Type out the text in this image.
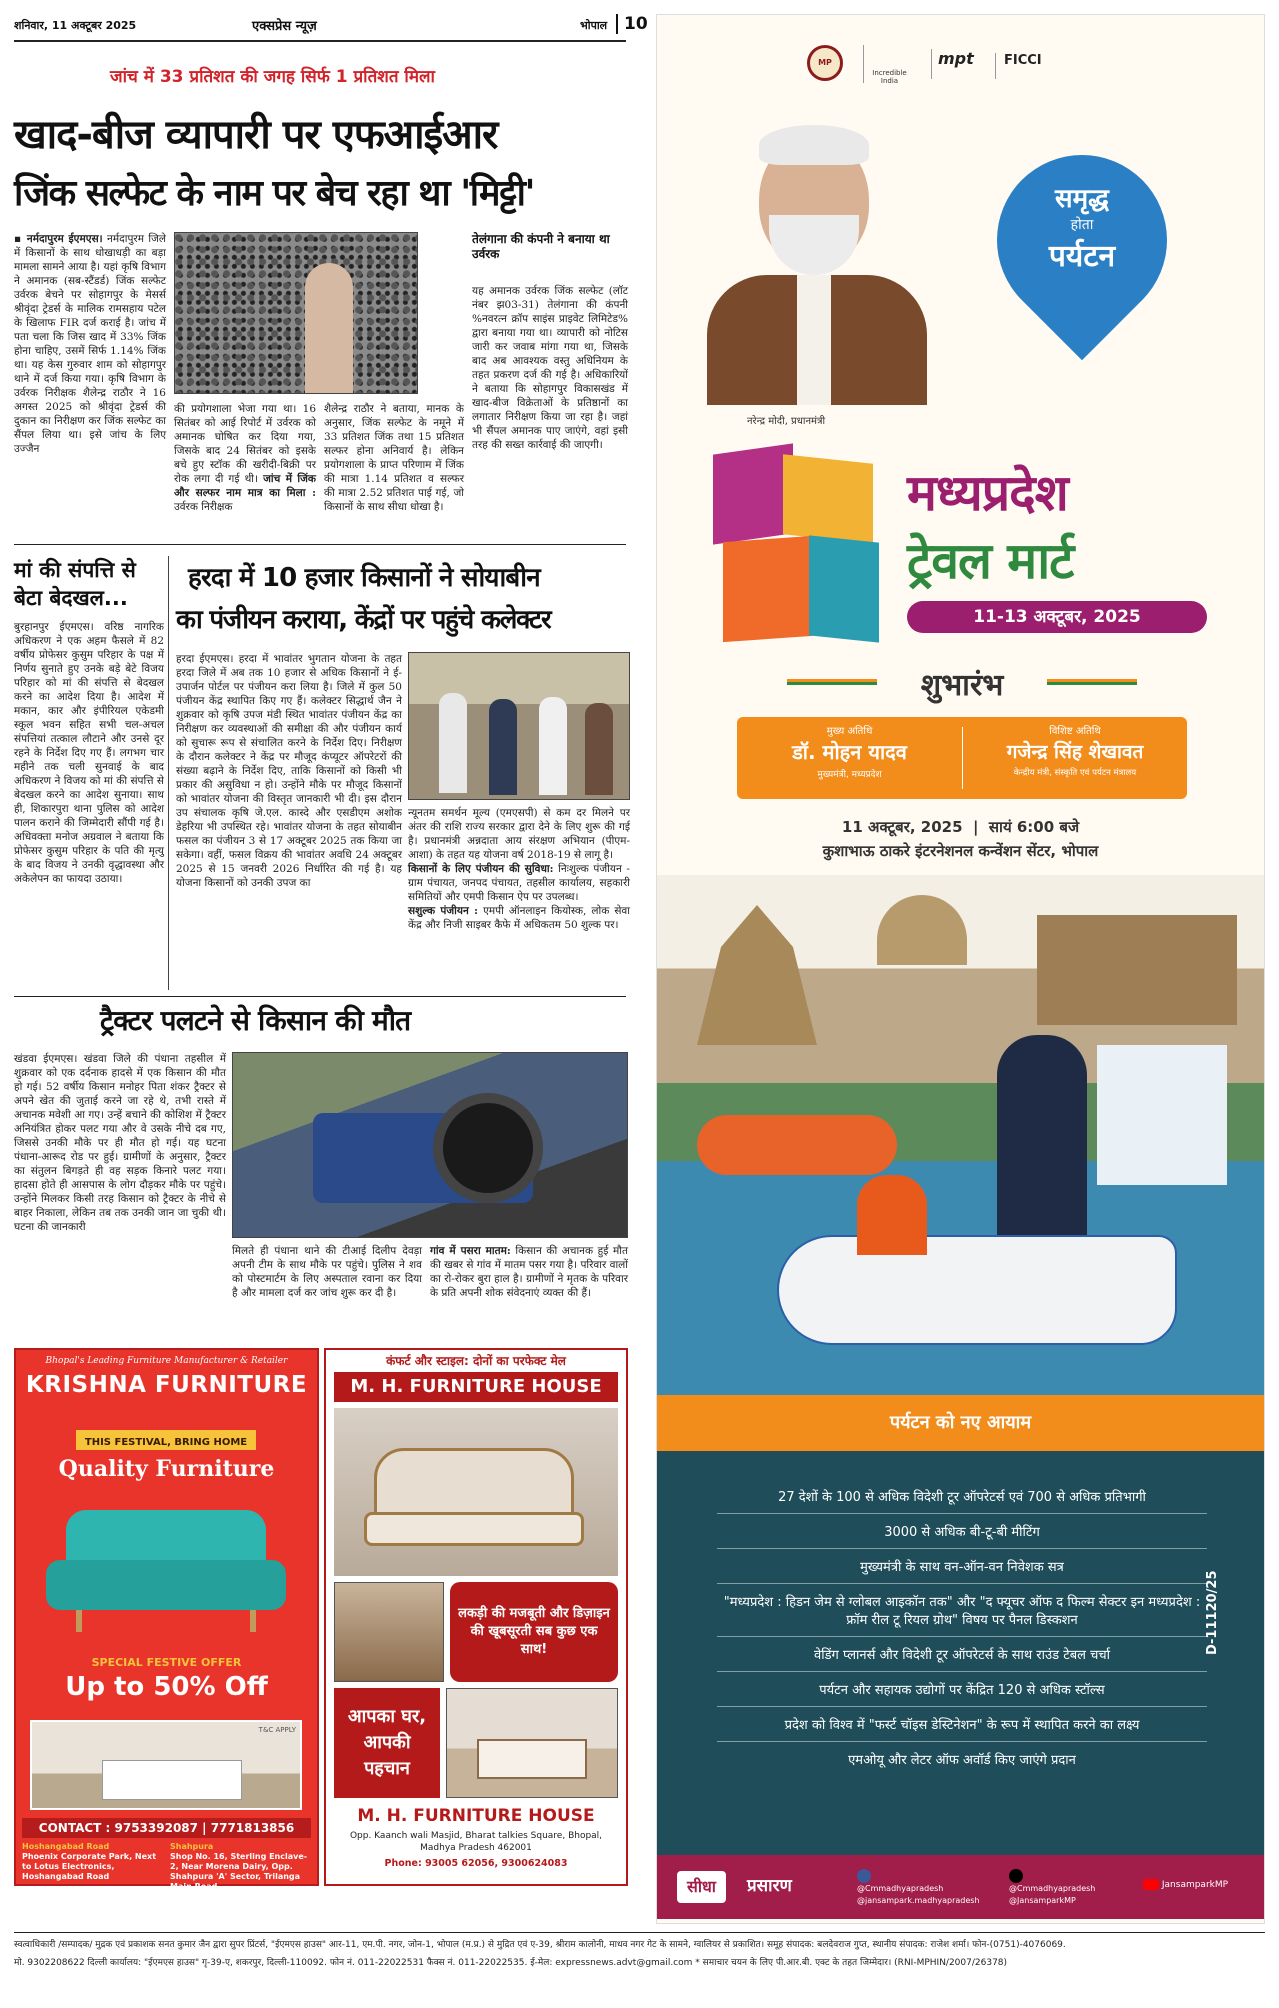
शनिवार, 11 अक्टूबर 2025	एक्सप्रेस न्यूज़	भोपाल 10
जांच में 33 प्रतिशत की जगह सिर्फ 1 प्रतिशत मिला
खाद-बीज व्यापारी पर एफआईआर
जिंक सल्फेट के नाम पर बेच रहा था 'मिट्टी'
▪ नर्मदापुरम ईएमएस। नर्मदापुरम जिले में किसानों के साथ धोखाधड़ी का बड़ा मामला सामने आया है। यहां कृषि विभाग ने अमानक (सब-स्टैंडर्ड) जिंक सल्फेट उर्वरक बेचने पर सोहागपुर के मेसर्स श्रीवृंदा ट्रेडर्स के मालिक रामसहाय पटेल के खिलाफ FIR दर्ज कराई है। जांच में पता चला कि जिस खाद में 33% जिंक होना चाहिए, उसमें सिर्फ 1.14% जिंक था। यह केस गुरुवार शाम को सोहागपुर थाने में दर्ज किया गया। कृषि विभाग के उर्वरक निरीक्षक शैलेन्द्र राठौर ने 16 अगस्त 2025 को श्रीवृंदा ट्रेडर्स की दुकान का निरीक्षण कर जिंक सल्फेट का सैंपल लिया था। इसे जांच के लिए उज्जैन
की प्रयोगशाला भेजा गया था। 16 सितंबर को आई रिपोर्ट में उर्वरक को अमानक घोषित कर दिया गया, जिसके बाद 24 सितंबर को इसके बचे हुए स्टॉक की खरीदी-बिक्री पर रोक लगा दी गई थी। जांच में जिंक और सल्फर नाम मात्र का मिला : उर्वरक निरीक्षक
शैलेन्द्र राठौर ने बताया, मानक के अनुसार, जिंक सल्फेट के नमूने में 33 प्रतिशत जिंक तथा 15 प्रतिशत सल्फर होना अनिवार्य है। लेकिन प्रयोगशाला के प्राप्त परिणाम में जिंक की मात्रा 1.14 प्रतिशत व सल्फर की मात्रा 2.52 प्रतिशत पाई गई, जो किसानों के साथ सीधा धोखा है।
तेलंगाना की कंपनी ने बनाया था उर्वरक
यह अमानक उर्वरक जिंक सल्फेट (लॉट नंबर झ03-31) तेलंगाना की कंपनी %नवरत्न क्रॉप साइंस प्राइवेट लिमिटेड% द्वारा बनाया गया था। व्यापारी को नोटिस जारी कर जवाब मांगा गया था, जिसके बाद अब आवश्यक वस्तु अधिनियम के तहत प्रकरण दर्ज की गई है। अधिकारियों ने बताया कि सोहागपुर विकासखंड में खाद-बीज विक्रेताओं के प्रतिष्ठानों का लगातार निरीक्षण किया जा रहा है। जहां भी सैंपल अमानक पाए जाएंगे, वहां इसी तरह की सख्त कार्रवाई की जाएगी।
मां की संपत्ति से बेटा बेदखल...
बुरहानपुर ईएमएस। वरिष्ठ नागरिक अधिकरण ने एक अहम फैसले में 82 वर्षीय प्रोफेसर कुसुम परिहार के पक्ष में निर्णय सुनाते हुए उनके बड़े बेटे विजय परिहार को मां की संपत्ति से बेदखल करने का आदेश दिया है। आदेश में मकान, कार और इंपीरियल एकेडमी स्कूल भवन सहित सभी चल-अचल संपत्तियां तत्काल लौटाने और उनसे दूर रहने के निर्देश दिए गए हैं। लगभग चार महीने तक चली सुनवाई के बाद अधिकरण ने विजय को मां की संपत्ति से बेदखल करने का आदेश सुनाया। साथ ही, शिकारपुरा थाना पुलिस को आदेश पालन कराने की जिम्मेदारी सौंपी गई है। अधिवक्ता मनोज अग्रवाल ने बताया कि प्रोफेसर कुसुम परिहार के पति की मृत्यु के बाद विजय ने उनकी वृद्धावस्था और अकेलेपन का फायदा उठाया।
हरदा में 10 हजार किसानों ने सोयाबीन
का पंजीयन कराया, केंद्रों पर पहुंचे कलेक्टर
हरदा ईएमएस। हरदा में भावांतर भुगतान योजना के तहत हरदा जिले में अब तक 10 हजार से अधिक किसानों ने ई-उपार्जन पोर्टल पर पंजीयन करा लिया है। जिले में कुल 50 पंजीयन केंद्र स्थापित किए गए हैं। कलेक्टर सिद्धार्थ जैन ने शुक्रवार को कृषि उपज मंडी स्थित भावांतर पंजीयन केंद्र का निरीक्षण कर व्यवस्थाओं की समीक्षा की और पंजीयन कार्य को सुचारू रूप से संचालित करने के निर्देश दिए। निरीक्षण के दौरान कलेक्टर ने केंद्र पर मौजूद कंप्यूटर ऑपरेटरों की संख्या बढ़ाने के निर्देश दिए, ताकि किसानों को किसी भी प्रकार की असुविधा न हो। उन्होंने मौके पर मौजूद किसानों को भावांतर योजना की विस्तृत जानकारी भी दी। इस दौरान उप संचालक कृषि जे.एल. कास्दे और एसडीएम अशोक डेहरिया भी उपस्थित रहे। भावांतर योजना के तहत सोयाबीन फसल का पंजीयन 3 से 17 अक्टूबर 2025 तक किया जा सकेगा। वहीं, फसल विक्रय की भावांतर अवधि 24 अक्टूबर 2025 से 15 जनवरी 2026 निर्धारित की गई है। यह योजना किसानों को उनकी उपज का
न्यूनतम समर्थन मूल्य (एमएसपी) से कम दर मिलने पर अंतर की राशि राज्य सरकार द्वारा देने के लिए शुरू की गई है। प्रधानमंत्री अन्नदाता आय संरक्षण अभियान (पीएम-आशा) के तहत यह योजना वर्ष 2018-19 से लागू है।
किसानों के लिए पंजीयन की सुविधा: निःशुल्क पंजीयन - ग्राम पंचायत, जनपद पंचायत, तहसील कार्यालय, सहकारी समितियों और एमपी किसान ऐप पर उपलब्ध।
सशुल्क पंजीयन : एमपी ऑनलाइन कियोस्क, लोक सेवा केंद्र और निजी साइबर कैफे में अधिकतम 50 शुल्क पर।
ट्रैक्टर पलटने से किसान की मौत
खंडवा ईएमएस। खंडवा जिले की पंधाना तहसील में शुक्रवार को एक दर्दनाक हादसे में एक किसान की मौत हो गई। 52 वर्षीय किसान मनोहर पिता शंकर ट्रैक्टर से अपने खेत की जुताई करने जा रहे थे, तभी रास्ते में अचानक मवेशी आ गए। उन्हें बचाने की कोशिश में ट्रैक्टर अनियंत्रित होकर पलट गया और वे उसके नीचे दब गए, जिससे उनकी मौके पर ही मौत हो गई। यह घटना पंधाना-आरूद रोड पर हुई। ग्रामीणों के अनुसार, ट्रैक्टर का संतुलन बिगड़ते ही वह सड़क किनारे पलट गया। हादसा होते ही आसपास के लोग दौड़कर मौके पर पहुंचे। उन्होंने मिलकर किसी तरह किसान को ट्रैक्टर के नीचे से बाहर निकाला, लेकिन तब तक उनकी जान जा चुकी थी। घटना की जानकारी
मिलते ही पंधाना थाने की टीआई दिलीप देवड़ा अपनी टीम के साथ मौके पर पहुंचे। पुलिस ने शव को पोस्टमार्टम के लिए अस्पताल रवाना कर दिया है और मामला दर्ज कर जांच शुरू कर दी है।
गांव में पसरा मातम: किसान की अचानक हुई मौत की खबर से गांव में मातम पसर गया है। परिवार वालों का रो-रोकर बुरा हाल है। ग्रामीणों ने मृतक के परिवार के प्रति अपनी शोक संवेदनाएं व्यक्त की हैं।
Bhopal's Leading Furniture Manufacturer & Retailer
KRISHNA FURNITURE
THIS FESTIVAL, BRING HOME
Quality Furniture
SPECIAL FESTIVE OFFER
Up to 50% Off
T&C APPLY
CONTACT : 9753392087 | 7771813856
Hoshangabad Road
Phoenix Corporate Park, Next to Lotus Electronics, Hoshangabad Road
Shahpura
Shop No. 16, Sterling Enclave-2, Near Morena Dairy, Opp. Shahpura 'A' Sector, Trilanga Main Road
कंफर्ट और स्टाइल: दोनों का परफेक्ट मेल
M. H. FURNITURE HOUSE
लकड़ी की मजबूती और डिज़ाइन की खूबसूरती सब कुछ एक साथ!
आपका घर, आपकी पहचान
M. H. FURNITURE HOUSE
Opp. Kaanch wali Masjid, Bharat talkies Square, Bhopal, Madhya Pradesh 462001
Phone: 93005 62056, 9300624083
MP
Incredible India
mpt	FICCI
नरेन्द्र मोदी, प्रधानमंत्री
समृद्ध
होता
पर्यटन
मध्यप्रदेश
ट्रेवल मार्ट
11-13 अक्टूबर, 2025
शुभारंभ
मुख्य अतिथि
डॉ. मोहन यादव
मुख्यमंत्री, मध्यप्रदेश
विशिष्ट अतिथि
गजेन्द्र सिंह शेखावत
केन्द्रीय मंत्री, संस्कृति एवं पर्यटन मंत्रालय
11 अक्टूबर, 2025  |  सायं 6:00 बजे
कुशाभाऊ ठाकरे इंटरनेशनल कन्वेंशन सेंटर, भोपाल
पर्यटन को नए आयाम
27 देशों के 100 से अधिक विदेशी टूर ऑपरेटर्स एवं 700 से अधिक प्रतिभागी
3000 से अधिक बी-टू-बी मीटिंग
मुख्यमंत्री के साथ वन-ऑन-वन निवेशक सत्र
"मध्यप्रदेश : हिडन जेम से ग्लोबल आइकॉन तक" और "द फ्यूचर ऑफ द फिल्म सेक्टर इन मध्यप्रदेश : फ्रॉम रील टू रियल ग्रोथ" विषय पर पैनल डिस्कशन
वेडिंग प्लानर्स और विदेशी टूर ऑपरेटर्स के साथ राउंड टेबल चर्चा
पर्यटन और सहायक उद्योगों पर केंद्रित 120 से अधिक स्टॉल्स
प्रदेश को विश्व में "फर्स्ट चॉइस डेस्टिनेशन" के रूप में स्थापित करने का लक्ष्य
एमओयू और लेटर ऑफ अवॉर्ड किए जाएंगे प्रदान
D-11120/25
सीधा	प्रसारण	@Cmmadhyapradesh
@jansampark.madhyapradesh
@Cmmadhyapradesh
@JansamparkMP
JansamparkMP
स्वत्वाधिकारी /सम्पादक/ मुद्रक एवं प्रकाशक सनत कुमार जैन द्वारा सुपर प्रिंटर्स, "ईएमएस हाउस" आर-11, एम.पी. नगर, जोन-1, भोपाल (म.प्र.) से मुद्रित एवं ए-39, श्रीराम कालोनी, माधव नगर गेट के सामने, ग्वालियर से प्रकाशित। समूह संपादक: बलदेवराज गुप्त, स्थानीय संपादक: राजेश शर्मा। फोन-(0751)-4076069.
मो. 9302208622 दिल्ली कार्यालय: "ईएमएस हाउस" गृ-39-ए, शकरपुर, दिल्ली-110092. फोन नं. 011-22022531 फैक्स नं. 011-22022535. ई-मेल: expressnews.advt@gmail.com * समाचार चयन के लिए पी.आर.बी. एक्ट के तहत जिम्मेदार। (RNI-MPHIN/2007/26378)
